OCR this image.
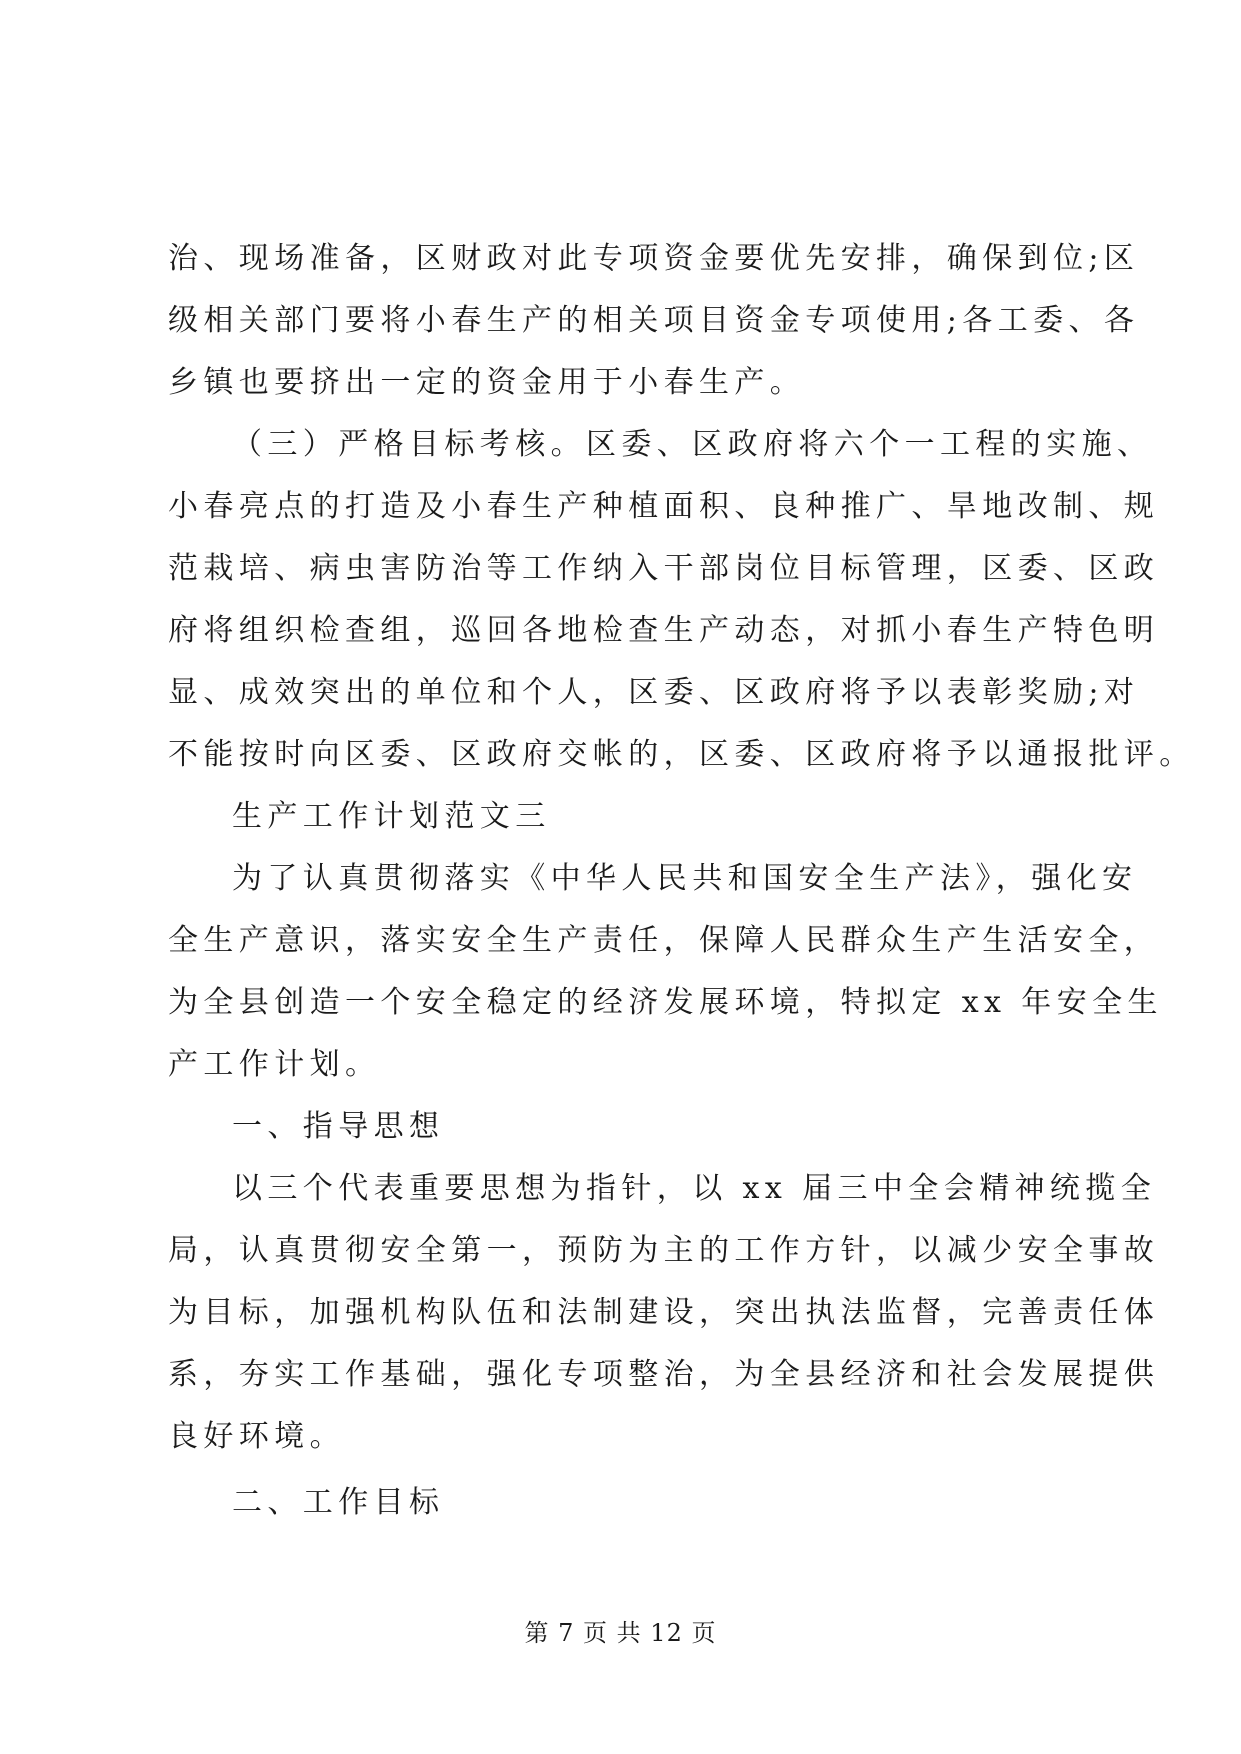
治、现场准备，区财政对此专项资金要优先安排，确保到位;区
级相关部门要将小春生产的相关项目资金专项使用;各工委、各
乡镇也要挤出一定的资金用于小春生产。
（三）严格目标考核。区委、区政府将六个一工程的实施、
小春亮点的打造及小春生产种植面积、良种推广、旱地改制、规
范栽培、病虫害防治等工作纳入干部岗位目标管理，区委、区政
府将组织检查组，巡回各地检查生产动态，对抓小春生产特色明
显、成效突出的单位和个人，区委、区政府将予以表彰奖励;对
不能按时向区委、区政府交帐的，区委、区政府将予以通报批评。
生产工作计划范文三
为了认真贯彻落实《中华人民共和国安全生产法》，强化安
全生产意识，落实安全生产责任，保障人民群众生产生活安全，
为全县创造一个安全稳定的经济发展环境，特拟定 xx 年安全生
产工作计划。
一、指导思想
以三个代表重要思想为指针，以 xx 届三中全会精神统揽全
局，认真贯彻安全第一，预防为主的工作方针，以减少安全事故
为目标，加强机构队伍和法制建设，突出执法监督，完善责任体
系，夯实工作基础，强化专项整治，为全县经济和社会发展提供
良好环境。
二、工作目标
第 7 页 共 12 页
